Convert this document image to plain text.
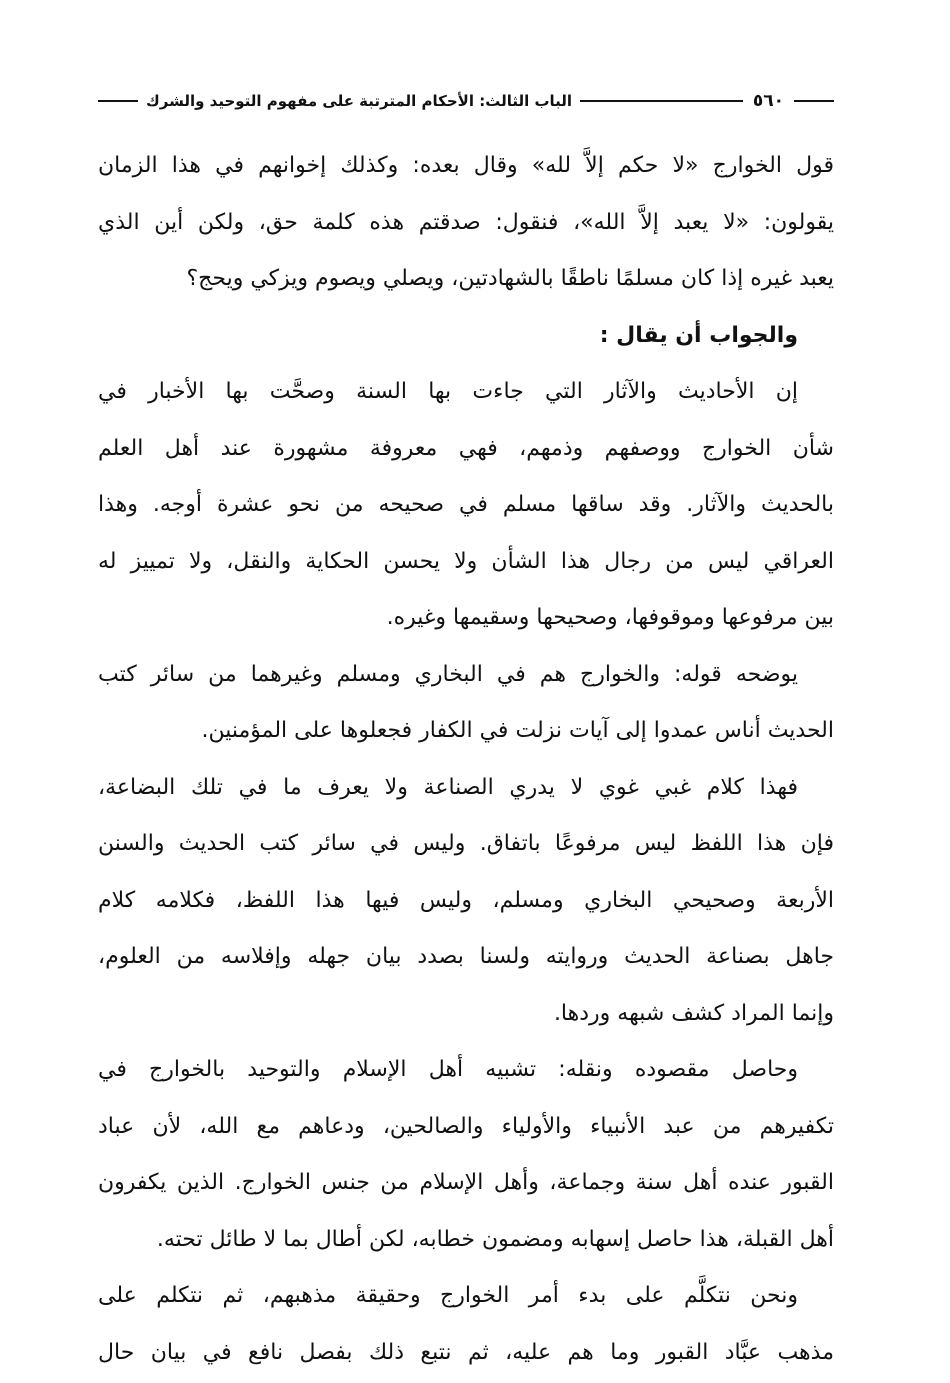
٥٦٠
الباب الثالث: الأحكام المترتبة على مفهوم التوحيد والشرك
قول الخوارج «لا حكم إلاَّ لله» وقال بعده: وكذلك إخوانهم في هذا الزمان
يقولون: «لا يعبد إلاَّ الله»، فنقول: صدقتم هذه كلمة حق، ولكن أين الذي
يعبد غيره إذا كان مسلمًا ناطقًا بالشهادتين، ويصلي ويصوم ويزكي ويحج؟
والجواب أن يقال :
إن الأحاديث والآثار التي جاءت بها السنة وصحَّت بها الأخبار في
شأن الخوارج ووصفهم وذمهم، فهي معروفة مشهورة عند أهل العلم
بالحديث والآثار. وقد ساقها مسلم في صحيحه من نحو عشرة أوجه. وهذا
العراقي ليس من رجال هذا الشأن ولا يحسن الحكاية والنقل، ولا تمييز له
بين مرفوعها وموقوفها، وصحيحها وسقيمها وغيره.
يوضحه قوله: والخوارج هم في البخاري ومسلم وغيرهما من سائر كتب
الحديث أناس عمدوا إلى آيات نزلت في الكفار فجعلوها على المؤمنين.
فهذا كلام غبي غوي لا يدري الصناعة ولا يعرف ما في تلك البضاعة،
فإن هذا اللفظ ليس مرفوعًا باتفاق. وليس في سائر كتب الحديث والسنن
الأربعة وصحيحي البخاري ومسلم، وليس فيها هذا اللفظ، فكلامه كلام
جاهل بصناعة الحديث وروايته ولسنا بصدد بيان جهله وإفلاسه من العلوم،
وإنما المراد كشف شبهه وردها.
وحاصل مقصوده ونقله: تشبيه أهل الإسلام والتوحيد بالخوارج في
تكفيرهم من عبد الأنبياء والأولياء والصالحين، ودعاهم مع الله، لأن عباد
القبور عنده أهل سنة وجماعة، وأهل الإسلام من جنس الخوارج. الذين يكفرون
أهل القبلة، هذا حاصل إسهابه ومضمون خطابه، لكن أطال بما لا طائل تحته.
ونحن نتكلَّم على بدء أمر الخوارج وحقيقة مذهبهم، ثم نتكلم على
مذهب عبَّاد القبور وما هم عليه، ثم نتبع ذلك بفصل نافع في بيان حال
